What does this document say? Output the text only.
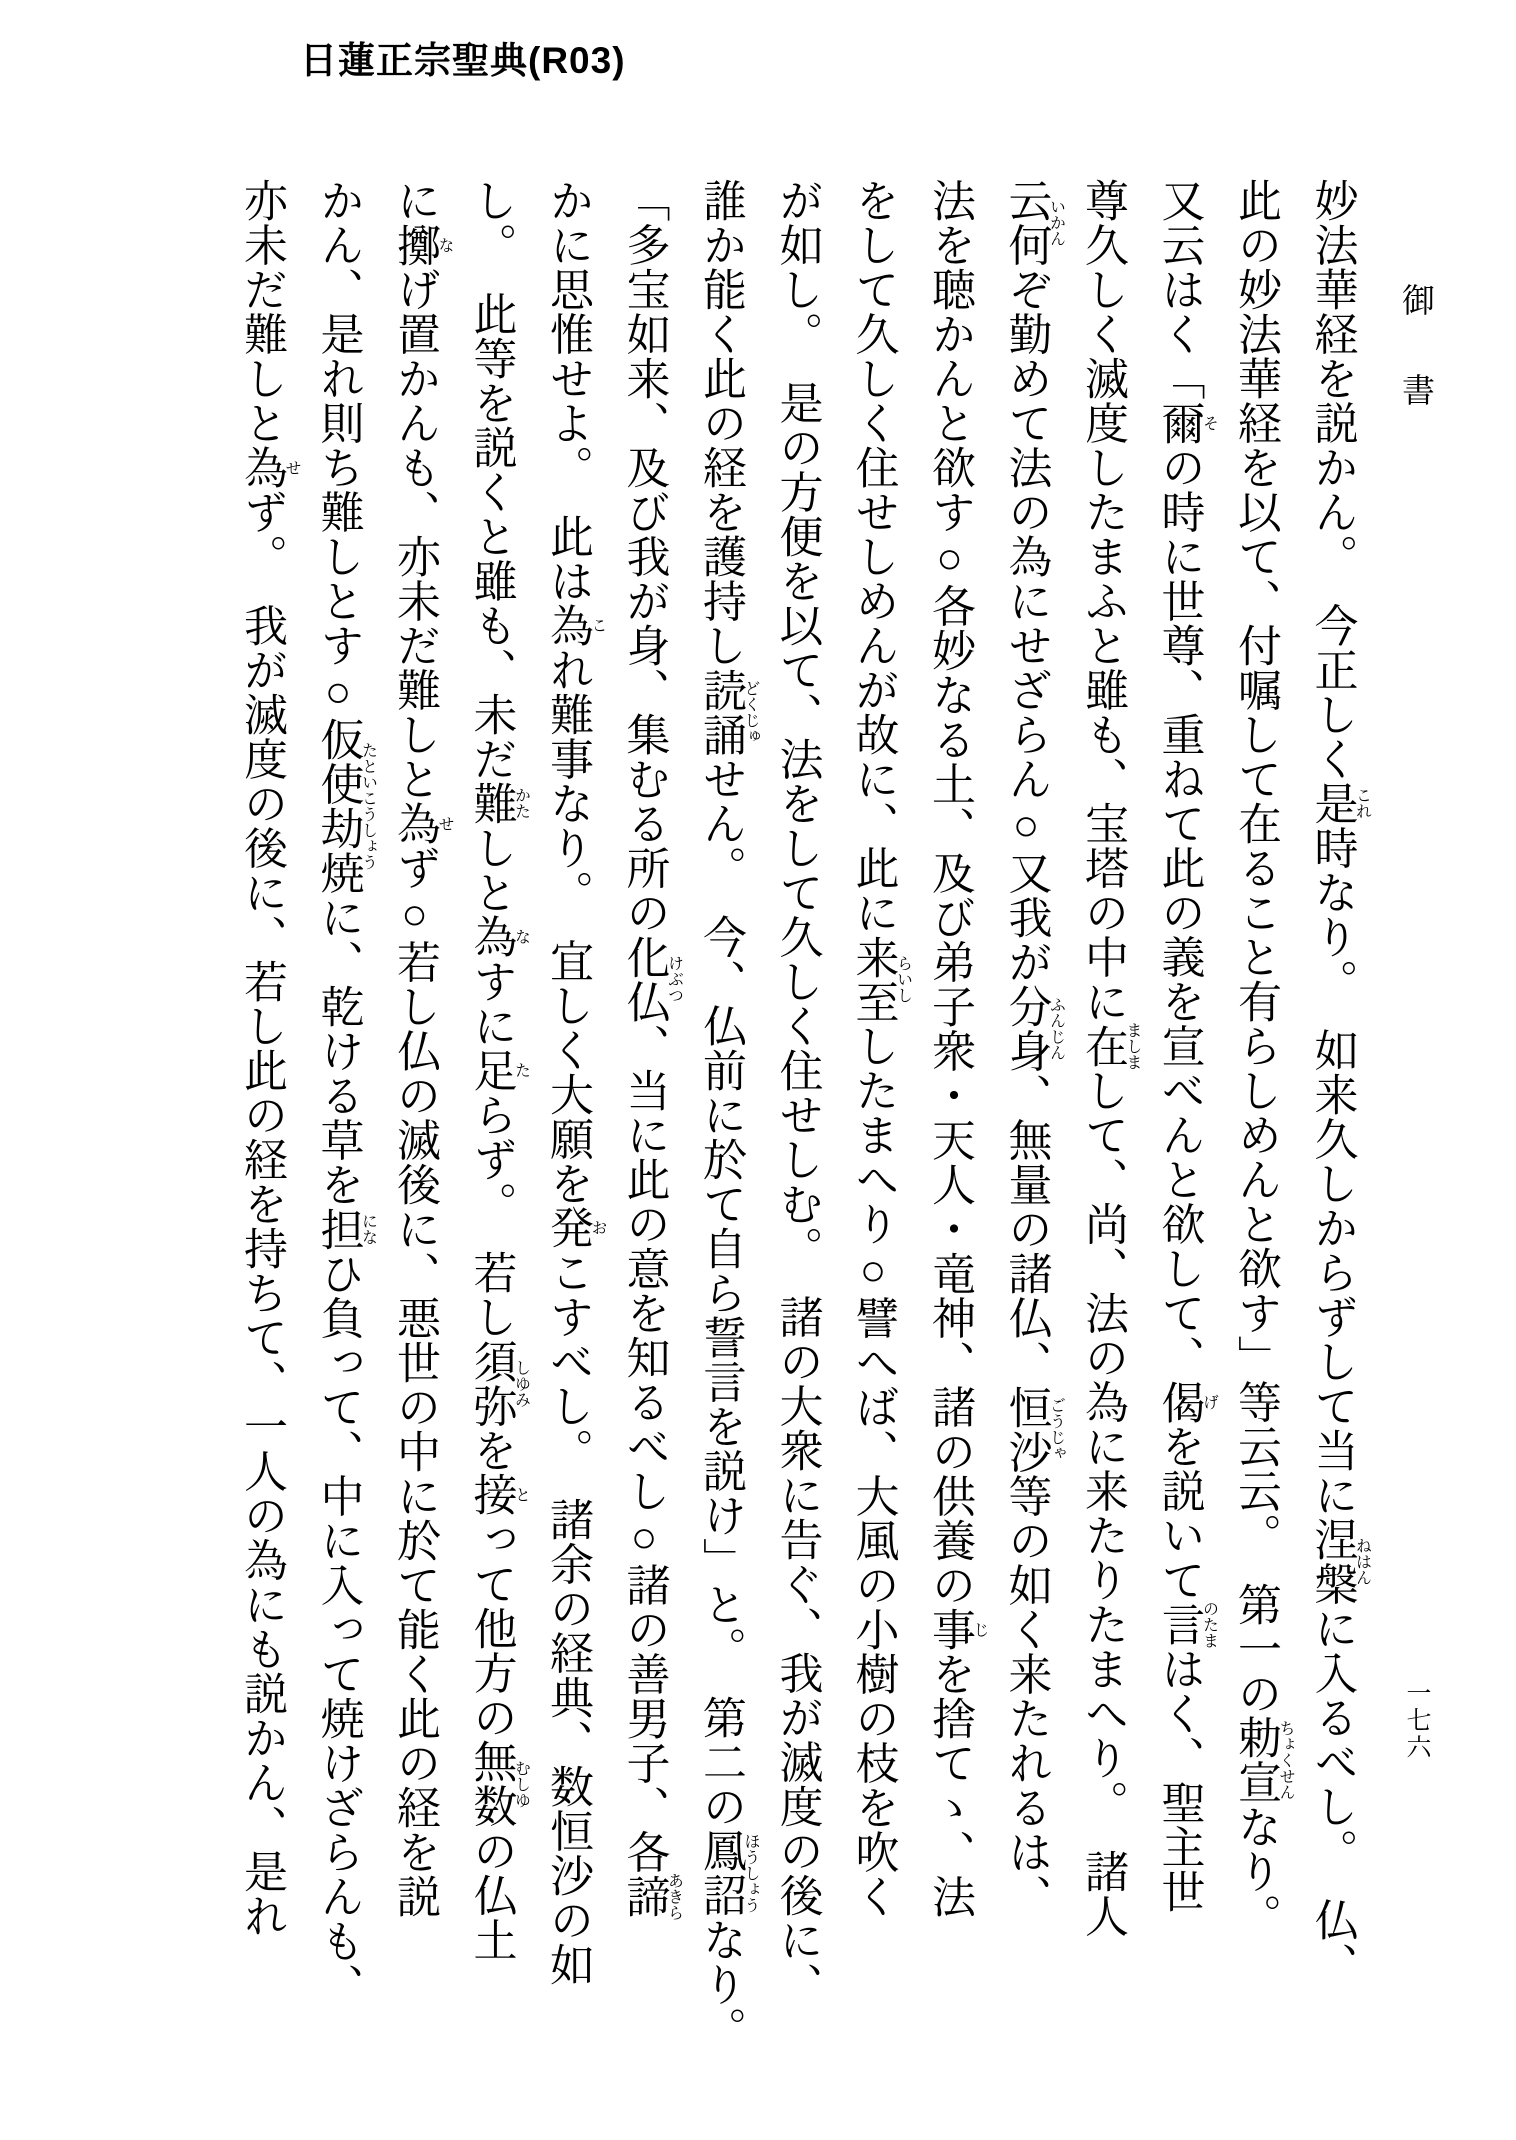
日蓮正宗聖典(R03)
御書
一七六
妙法華経を説かん。今正しく是これ時なり。如来久しからずして当に涅槃ねはんに入るべし。仏、
此の妙法華経を以て、付嘱して在ること有らしめんと欲す」等云云。第一の勅宣ちょくせんなり。
又云はく「爾その時に世尊、重ねて此の義を宣べんと欲して、偈げを説いて言のたまはく、聖主世
尊久しく滅度したまふと雖も、宝塔の中に在ましまして、尚、法の為に来たりたまへり。諸人
云何いかんぞ勤めて法の為にせざらん○又我が分身ふんじん、無量の諸仏、恒沙ごうじゃ等の如く来たれるは、
法を聴かんと欲す○各妙なる土、及び弟子衆・天人・竜神、諸の供養の事じを捨てゝ、法
をして久しく住せしめんが故に、此に来至らいししたまへり○譬へば、大風の小樹の枝を吹く
が如し。是の方便を以て、法をして久しく住せしむ。諸の大衆に告ぐ、我が滅度の後に、
誰か能く此の経を護持し読誦どくじゅせん。今、仏前に於て自ら誓言を説け」と。第二の鳳詔ほうしょうなり。
「多宝如来、及び我が身、集むる所の化仏けぶつ、当に此の意を知るべし○諸の善男子、各諦あきら
かに思惟せよ。此は為これ難事なり。宜しく大願を発おこすべし。諸余の経典、数恒沙の如
し。此等を説くと雖も、未だ難かたしと為なすに足たらず。若し須弥しゆみを接とって他方の無数むしゆの仏土
に擲なげ置かんも、亦未だ難しと為せず○若し仏の滅後に、悪世の中に於て能く此の経を説
かん、是れ則ち難しとす○仮使劫焼たといこうしょうに、乾ける草を担になひ負って、中に入って焼けざらんも、
亦未だ難しと為せず。我が滅度の後に、若し此の経を持ちて、一人の為にも説かん、是れ
